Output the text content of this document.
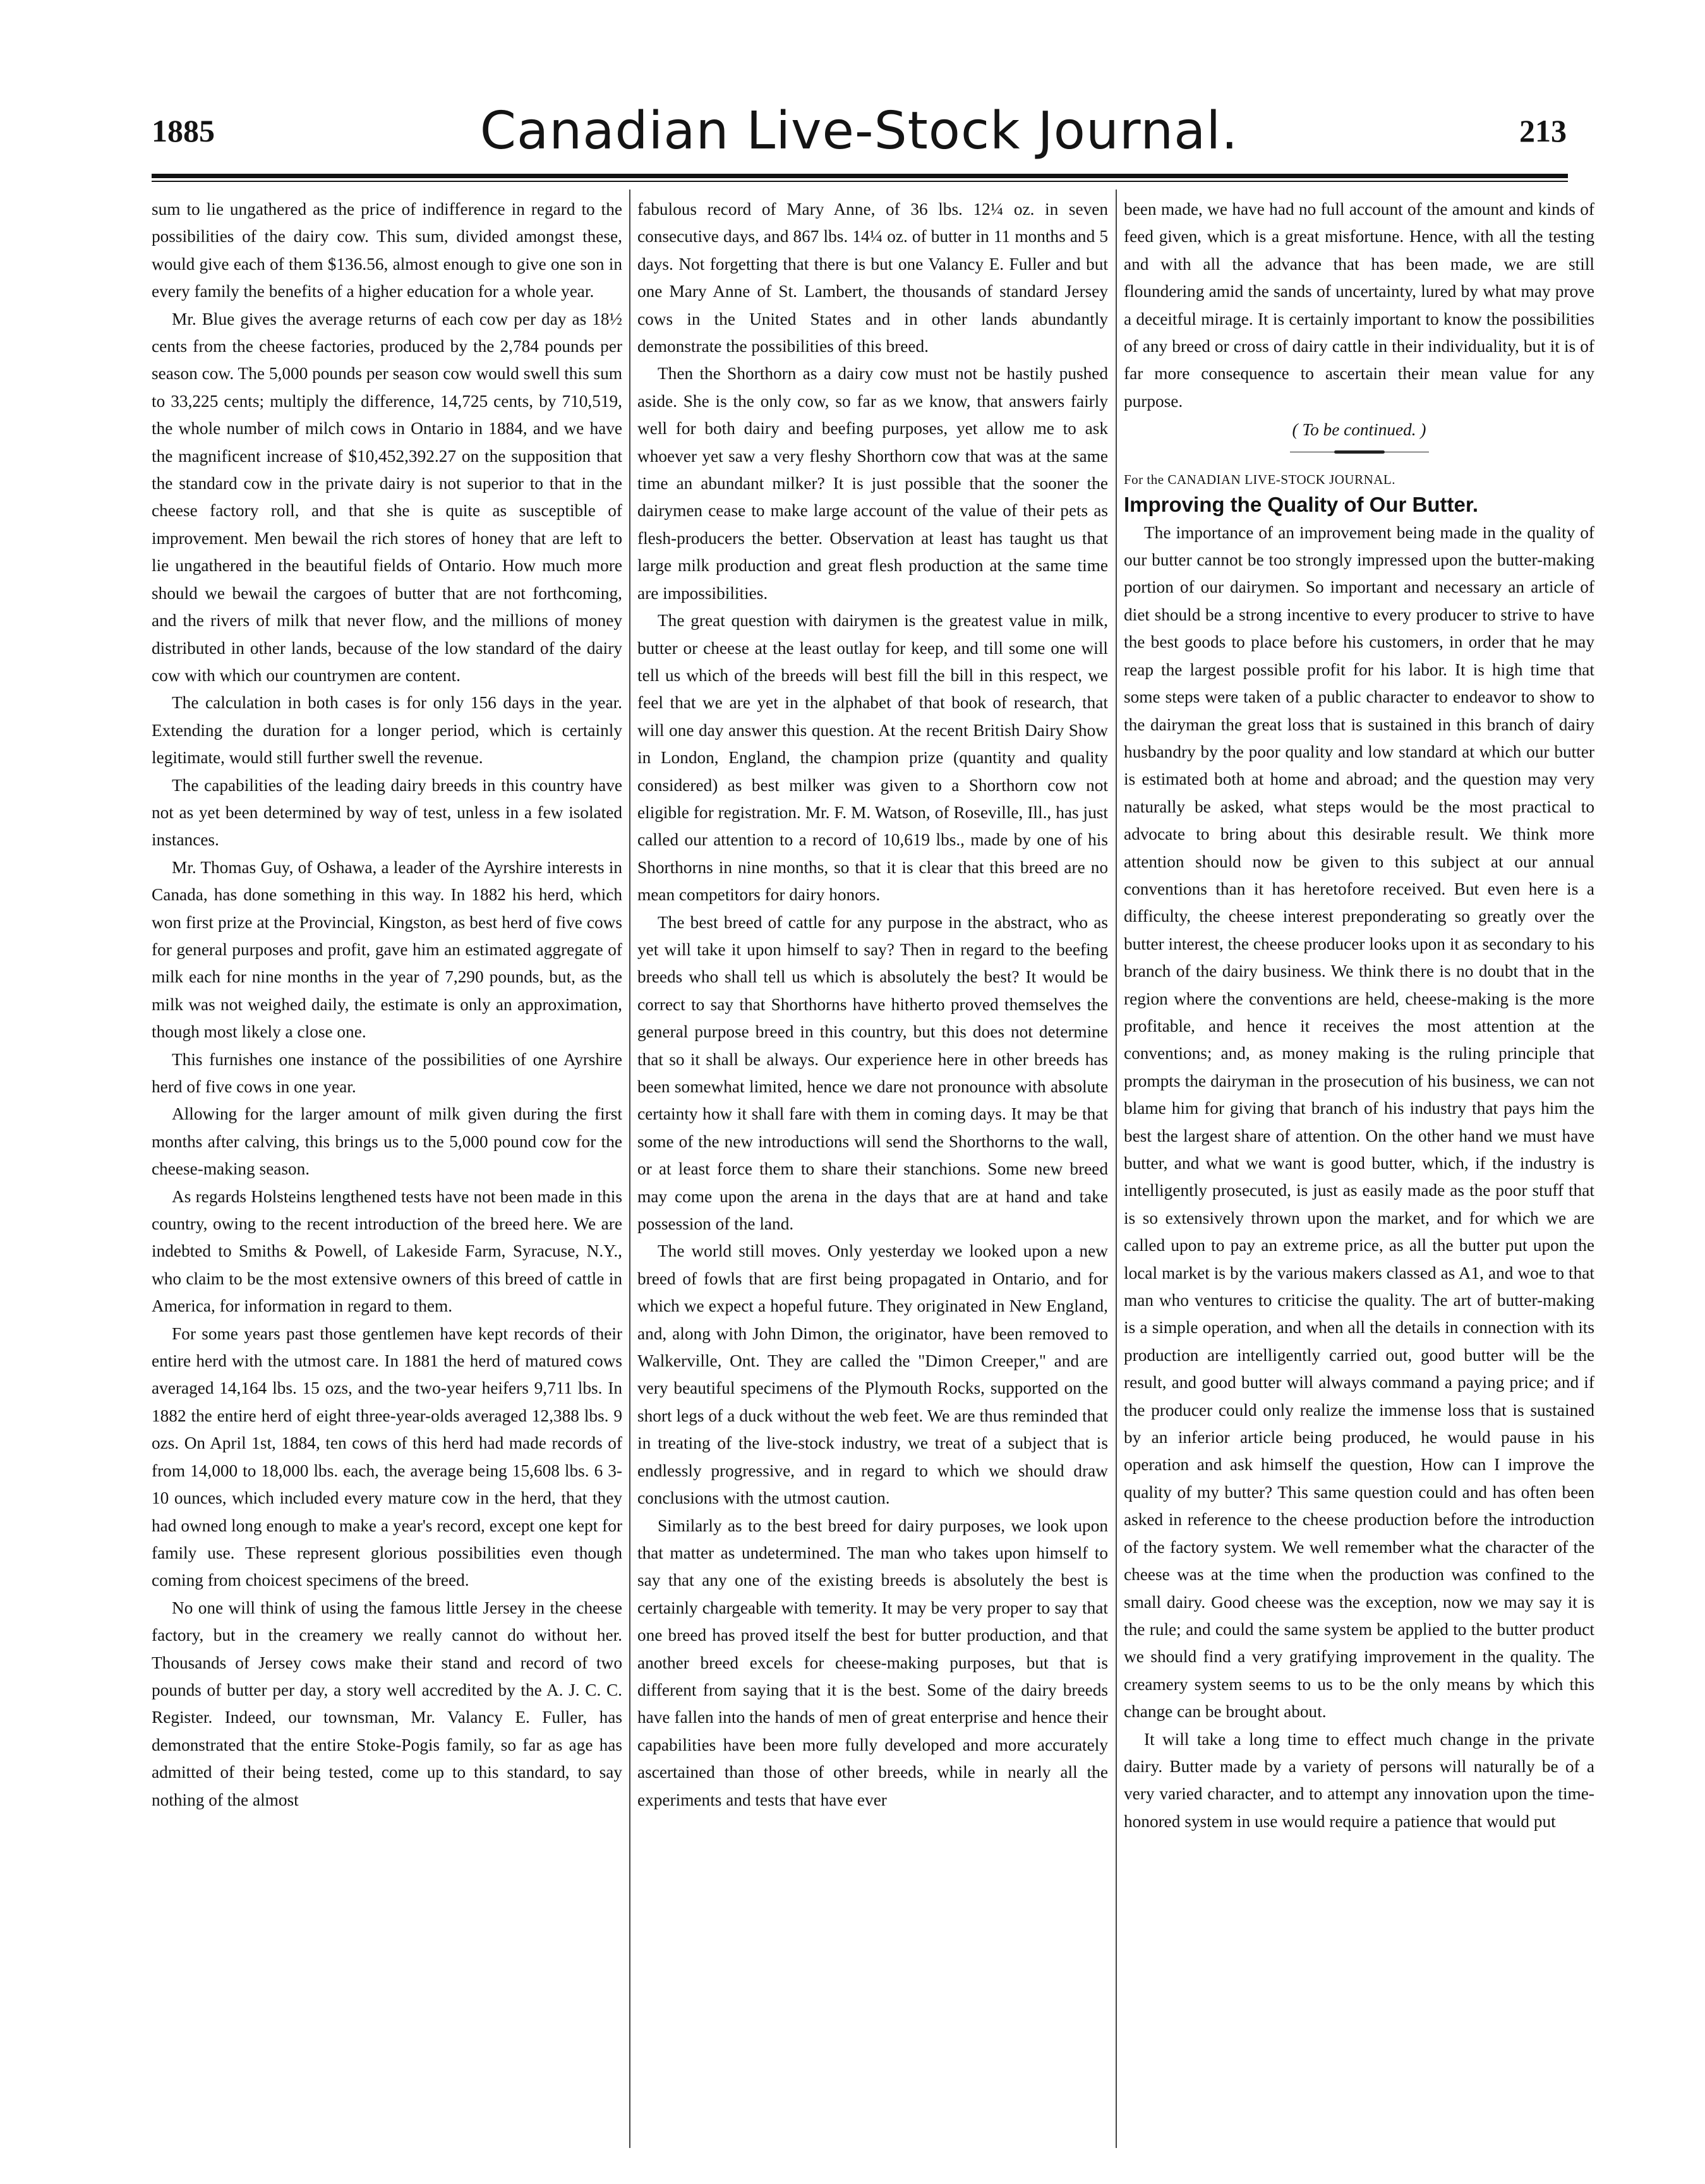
1885	Canadian Live-Stock Journal.	213

sum to lie ungathered as the price of indifference in regard to the possibilities of the dairy cow. This sum, divided amongst these, would give each of them $136.56, almost enough to give one son in every family the benefits of a higher education for a whole year.

Mr. Blue gives the average returns of each cow per day as 18½ cents from the cheese factories, produced by the 2,784 pounds per season cow. The 5,000 pounds per season cow would swell this sum to 33,225 cents; multiply the difference, 14,725 cents, by 710,519, the whole number of milch cows in Ontario in 1884, and we have the magnificent increase of $10,452,392.27 on the supposition that the standard cow in the private dairy is not superior to that in the cheese factory roll, and that she is quite as susceptible of improvement. Men bewail the rich stores of honey that are left to lie ungathered in the beautiful fields of Ontario. How much more should we bewail the cargoes of butter that are not forthcoming, and the rivers of milk that never flow, and the millions of money distributed in other lands, because of the low standard of the dairy cow with which our countrymen are content.

The calculation in both cases is for only 156 days in the year. Extending the duration for a longer period, which is certainly legitimate, would still further swell the revenue.

The capabilities of the leading dairy breeds in this country have not as yet been determined by way of test, unless in a few isolated instances.

Mr. Thomas Guy, of Oshawa, a leader of the Ayrshire interests in Canada, has done something in this way. In 1882 his herd, which won first prize at the Provincial, Kingston, as best herd of five cows for general purposes and profit, gave him an estimated aggregate of milk each for nine months in the year of 7,290 pounds, but, as the milk was not weighed daily, the estimate is only an approximation, though most likely a close one.

This furnishes one instance of the possibilities of one Ayrshire herd of five cows in one year.

Allowing for the larger amount of milk given during the first months after calving, this brings us to the 5,000 pound cow for the cheese-making season.

As regards Holsteins lengthened tests have not been made in this country, owing to the recent introduction of the breed here. We are indebted to Smiths & Powell, of Lakeside Farm, Syracuse, N.Y., who claim to be the most extensive owners of this breed of cattle in America, for information in regard to them.

For some years past those gentlemen have kept records of their entire herd with the utmost care. In 1881 the herd of matured cows averaged 14,164 lbs. 15 ozs, and the two-year heifers 9,711 lbs. In 1882 the entire herd of eight three-year-olds averaged 12,388 lbs. 9 ozs. On April 1st, 1884, ten cows of this herd had made records of from 14,000 to 18,000 lbs. each, the average being 15,608 lbs. 6 3-10 ounces, which included every mature cow in the herd, that they had owned long enough to make a year's record, except one kept for family use. These represent glorious possibilities even though coming from choicest specimens of the breed.

No one will think of using the famous little Jersey in the cheese factory, but in the creamery we really cannot do without her. Thousands of Jersey cows make their stand and record of two pounds of butter per day, a story well accredited by the A. J. C. C. Register. Indeed, our townsman, Mr. Valancy E. Fuller, has demonstrated that the entire Stoke-Pogis family, so far as age has admitted of their being tested, come up to this standard, to say nothing of the almost

fabulous record of Mary Anne, of 36 lbs. 12¼ oz. in seven consecutive days, and 867 lbs. 14¼ oz. of butter in 11 months and 5 days. Not forgetting that there is but one Valancy E. Fuller and but one Mary Anne of St. Lambert, the thousands of standard Jersey cows in the United States and in other lands abundantly demonstrate the possibilities of this breed.

Then the Shorthorn as a dairy cow must not be hastily pushed aside. She is the only cow, so far as we know, that answers fairly well for both dairy and beefing purposes, yet allow me to ask whoever yet saw a very fleshy Shorthorn cow that was at the same time an abundant milker? It is just possible that the sooner the dairymen cease to make large account of the value of their pets as flesh-producers the better. Observation at least has taught us that large milk production and great flesh production at the same time are impossibilities.

The great question with dairymen is the greatest value in milk, butter or cheese at the least outlay for keep, and till some one will tell us which of the breeds will best fill the bill in this respect, we feel that we are yet in the alphabet of that book of research, that will one day answer this question. At the recent British Dairy Show in London, England, the champion prize (quantity and quality considered) as best milker was given to a Shorthorn cow not eligible for registration. Mr. F. M. Watson, of Roseville, Ill., has just called our attention to a record of 10,619 lbs., made by one of his Shorthorns in nine months, so that it is clear that this breed are no mean competitors for dairy honors.

The best breed of cattle for any purpose in the abstract, who as yet will take it upon himself to say? Then in regard to the beefing breeds who shall tell us which is absolutely the best? It would be correct to say that Shorthorns have hitherto proved themselves the general purpose breed in this country, but this does not determine that so it shall be always. Our experience here in other breeds has been somewhat limited, hence we dare not pronounce with absolute certainty how it shall fare with them in coming days. It may be that some of the new introductions will send the Shorthorns to the wall, or at least force them to share their stanchions. Some new breed may come upon the arena in the days that are at hand and take possession of the land.

The world still moves. Only yesterday we looked upon a new breed of fowls that are first being propagated in Ontario, and for which we expect a hopeful future. They originated in New England, and, along with John Dimon, the originator, have been removed to Walkerville, Ont. They are called the "Dimon Creeper," and are very beautiful specimens of the Plymouth Rocks, supported on the short legs of a duck without the web feet. We are thus reminded that in treating of the live-stock industry, we treat of a subject that is endlessly progressive, and in regard to which we should draw conclusions with the utmost caution.

Similarly as to the best breed for dairy purposes, we look upon that matter as undetermined. The man who takes upon himself to say that any one of the existing breeds is absolutely the best is certainly chargeable with temerity. It may be very proper to say that one breed has proved itself the best for butter production, and that another breed excels for cheese-making purposes, but that is different from saying that it is the best. Some of the dairy breeds have fallen into the hands of men of great enterprise and hence their capabilities have been more fully developed and more accurately ascertained than those of other breeds, while in nearly all the experiments and tests that have ever

been made, we have had no full account of the amount and kinds of feed given, which is a great misfortune. Hence, with all the testing and with all the advance that has been made, we are still floundering amid the sands of uncertainty, lured by what may prove a deceitful mirage. It is certainly important to know the possibilities of any breed or cross of dairy cattle in their individuality, but it is of far more consequence to ascertain their mean value for any purpose.

( To be continued. )

For the CANADIAN LIVE-STOCK JOURNAL.

Improving the Quality of Our Butter.

The importance of an improvement being made in the quality of our butter cannot be too strongly impressed upon the butter-making portion of our dairymen. So important and necessary an article of diet should be a strong incentive to every producer to strive to have the best goods to place before his customers, in order that he may reap the largest possible profit for his labor. It is high time that some steps were taken of a public character to endeavor to show to the dairyman the great loss that is sustained in this branch of dairy husbandry by the poor quality and low standard at which our butter is estimated both at home and abroad; and the question may very naturally be asked, what steps would be the most practical to advocate to bring about this desirable result. We think more attention should now be given to this subject at our annual conventions than it has heretofore received. But even here is a difficulty, the cheese interest preponderating so greatly over the butter interest, the cheese producer looks upon it as secondary to his branch of the dairy business. We think there is no doubt that in the region where the conventions are held, cheese-making is the more profitable, and hence it receives the most attention at the conventions; and, as money making is the ruling principle that prompts the dairyman in the prosecution of his business, we can not blame him for giving that branch of his industry that pays him the best the largest share of attention. On the other hand we must have butter, and what we want is good butter, which, if the industry is intelligently prosecuted, is just as easily made as the poor stuff that is so extensively thrown upon the market, and for which we are called upon to pay an extreme price, as all the butter put upon the local market is by the various makers classed as A1, and woe to that man who ventures to criticise the quality. The art of butter-making is a simple operation, and when all the details in connection with its production are intelligently carried out, good butter will be the result, and good butter will always command a paying price; and if the producer could only realize the immense loss that is sustained by an inferior article being produced, he would pause in his operation and ask himself the question, How can I improve the quality of my butter? This same question could and has often been asked in reference to the cheese production before the introduction of the factory system. We well remember what the character of the cheese was at the time when the production was confined to the small dairy. Good cheese was the exception, now we may say it is the rule; and could the same system be applied to the butter product we should find a very gratifying improvement in the quality. The creamery system seems to us to be the only means by which this change can be brought about.

It will take a long time to effect much change in the private dairy. Butter made by a variety of persons will naturally be of a very varied character, and to attempt any innovation upon the time-honored system in use would require a patience that would put
